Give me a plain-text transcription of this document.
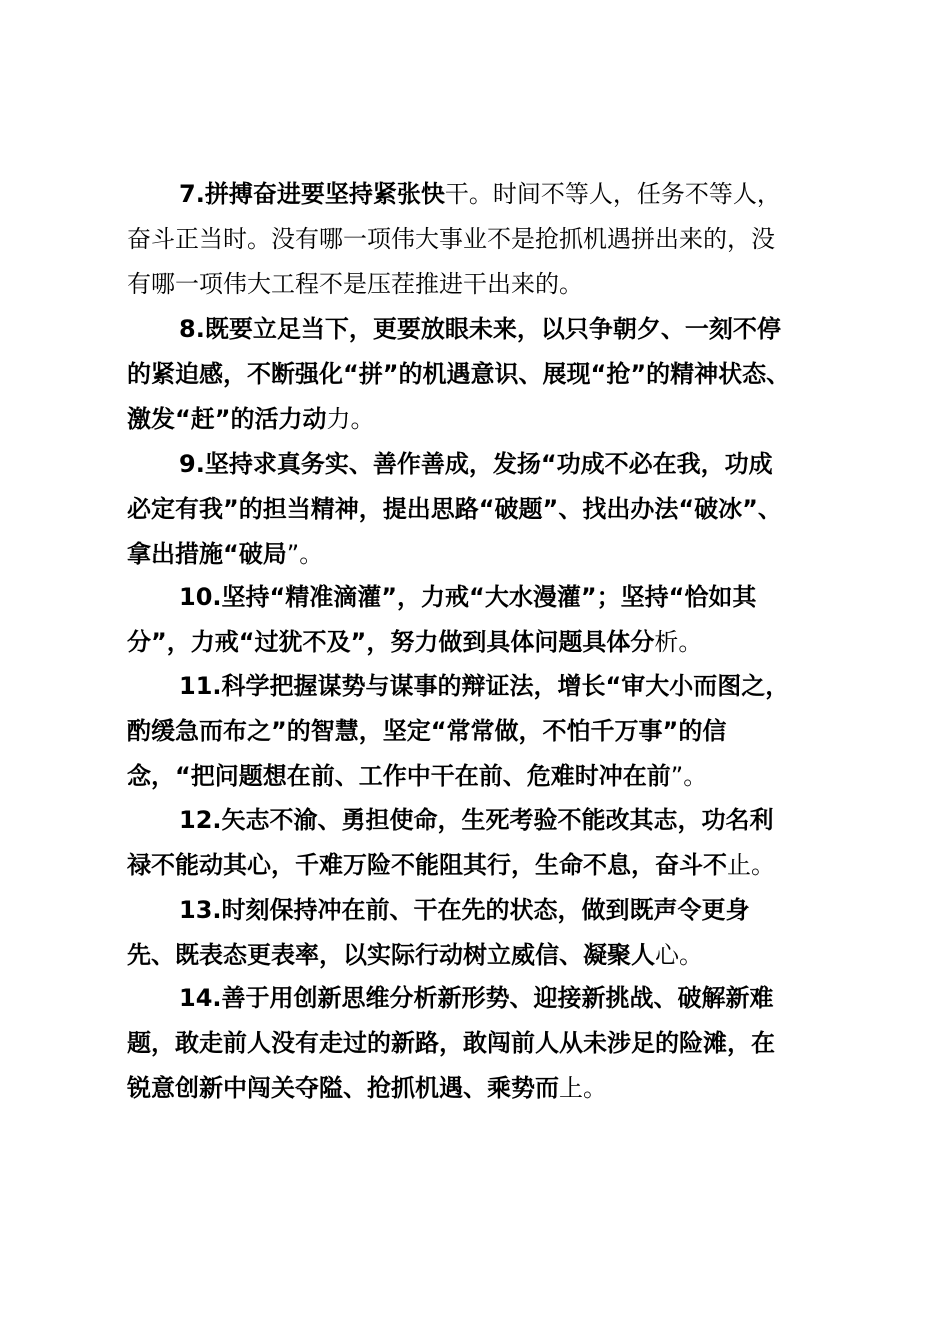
7.拼搏奋进要坚持紧张快干。时间不等人，任务不等人，
奋斗正当时。没有哪一项伟大事业不是抢抓机遇拼出来的，没
有哪一项伟大工程不是压茬推进干出来的。
8.既要立足当下，更要放眼未来，以只争朝夕、一刻不停
的紧迫感，不断强化“拼”的机遇意识、展现“抢”的精神状态、
激发“赶”的活力动力。
9.坚持求真务实、善作善成，发扬“功成不必在我，功成
必定有我”的担当精神，提出思路“破题”、找出办法“破冰”、
拿出措施“破局”。
10.坚持“精准滴灌”，力戒“大水漫灌”；坚持“恰如其
分”，力戒“过犹不及”，努力做到具体问题具体分析。
11.科学把握谋势与谋事的辩证法，增长“审大小而图之，
酌缓急而布之”的智慧，坚定“常常做，不怕千万事”的信
念，“把问题想在前、工作中干在前、危难时冲在前”。
12.矢志不渝、勇担使命，生死考验不能改其志，功名利
禄不能动其心，千难万险不能阻其行，生命不息，奋斗不止。
13.时刻保持冲在前、干在先的状态，做到既声令更身
先、既表态更表率，以实际行动树立威信、凝聚人心。
14.善于用创新思维分析新形势、迎接新挑战、破解新难
题，敢走前人没有走过的新路，敢闯前人从未涉足的险滩，在
锐意创新中闯关夺隘、抢抓机遇、乘势而上。
